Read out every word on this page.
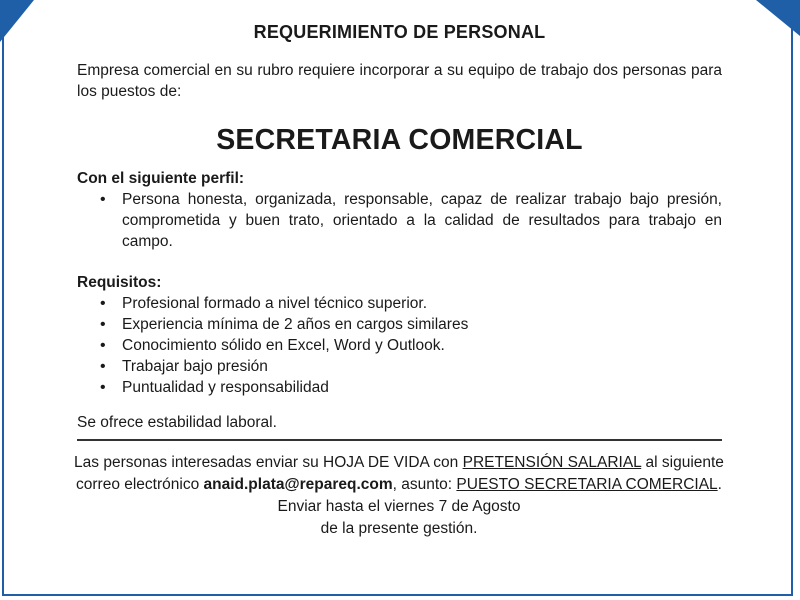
REQUERIMIENTO DE PERSONAL
Empresa comercial en su rubro requiere incorporar a su equipo de trabajo dos personas para los puestos de:
SECRETARIA COMERCIAL
Con el siguiente perfil:
• Persona honesta, organizada, responsable, capaz de realizar trabajo bajo presión, comprometida y buen trato, orientado a la calidad de resultados para trabajo en campo.
Requisitos:
• Profesional formado a nivel técnico superior.
• Experiencia mínima de 2 años en cargos similares
• Conocimiento sólido en Excel, Word y Outlook.
• Trabajar bajo presión
• Puntualidad y responsabilidad
Se ofrece estabilidad laboral.
Las personas interesadas enviar su HOJA DE VIDA con PRETENSIÓN SALARIAL al siguiente correo electrónico anaid.plata@repareq.com, asunto: PUESTO SECRETARIA COMERCIAL. Enviar hasta el viernes 7 de Agosto
de la presente gestión.
